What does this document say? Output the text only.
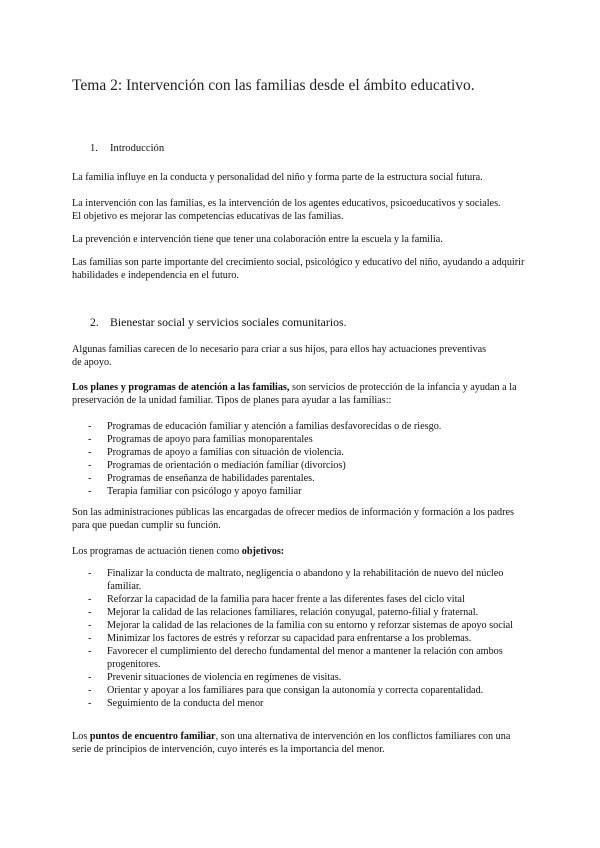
Tema 2: Intervención con las familias desde el ámbito educativo.
1. Introducción
La familia influye en la conducta y personalidad del niño y forma parte de la estructura social futura.
La intervención con las familias, es la intervención de los agentes educativos, psicoeducativos y sociales. El objetivo es mejorar las competencias educativas de las familias.
La prevención e intervención tiene que tener una colaboración entre la escuela y la familia.
Las familias son parte importante del crecimiento social, psicológico y educativo del niño, ayudando a adquirir habilidades e independencia en el futuro.
2. Bienestar social y servicios sociales comunitarios.
Algunas familias carecen de lo necesario para criar a sus hijos, para ellos hay actuaciones preventivas de apoyo.
Los planes y programas de atención a las familias, son servicios de protección de la infancia y ayudan a la preservación de la unidad familiar. Tipos de planes para ayudar a las familias::
- Programas de educación familiar y atención a familias desfavorecidas o de riesgo.
- Programas de apoyo para familias monoparentales
- Programas de apoyo a familias con situación de violencia.
- Programas de orientación o mediación familiar (divorcios)
- Programas de enseñanza de habilidades parentales.
- Terapia familiar con psicólogo y apoyo familiar
Son las administraciones públicas las encargadas de ofrecer medios de información y formación a los padres para que puedan cumplir su función.
Los programas de actuación tienen como objetivos:
- Finalizar la conducta de maltrato, negligencia o abandono y la rehabilitación de nuevo del núcleo familiar.
- Reforzar la capacidad de la familia para hacer frente a las diferentes fases del ciclo vital
- Mejorar la calidad de las relaciones familiares, relación conyugal, paterno-filial y fraternal.
- Mejorar la calidad de las relaciones de la familia con su entorno y reforzar sistemas de apoyo social
- Minimizar los factores de estrés y reforzar su capacidad para enfrentarse a los problemas.
- Favorecer el cumplimiento del derecho fundamental del menor a mantener la relación con ambos progenitores.
- Prevenir situaciones de violencia en regímenes de visitas.
- Orientar y apoyar a los familiares para que consigan la autonomía y correcta coparentalidad.
- Seguimiento de la conducta del menor
Los puntos de encuentro familiar, son una alternativa de intervención en los conflictos familiares con una serie de principios de intervención, cuyo interés es la importancia del menor.
